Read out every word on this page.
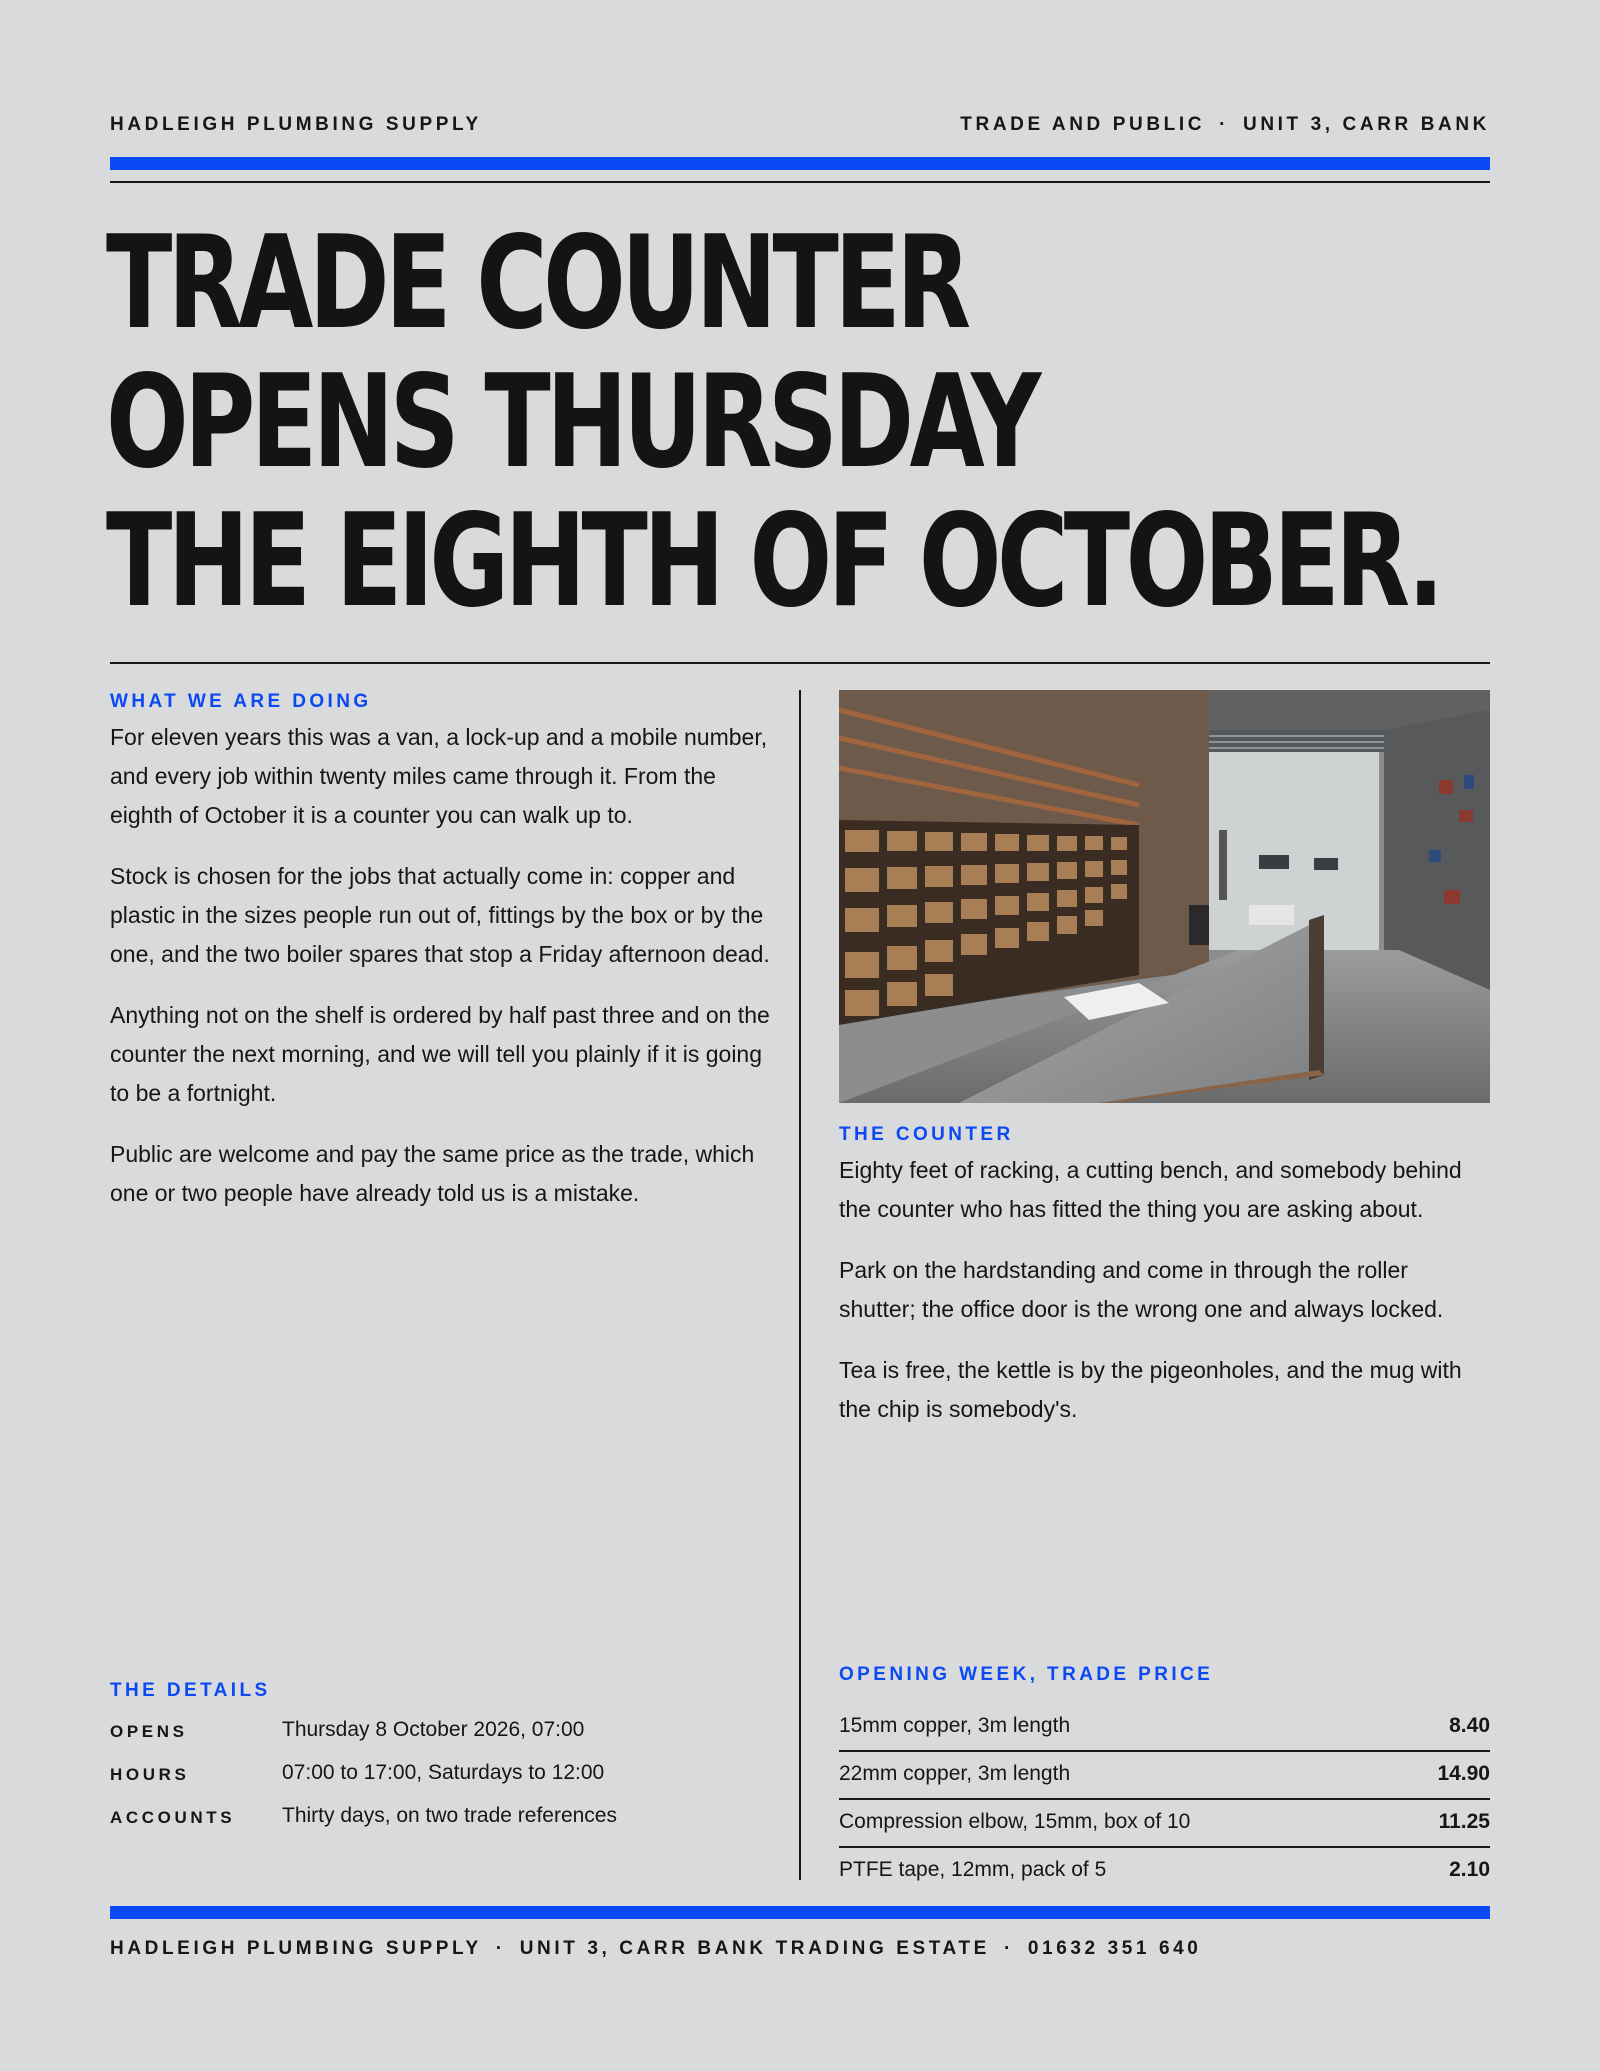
HADLEIGH PLUMBING SUPPLY	TRADE AND PUBLIC · UNIT 3, CARR BANK
TRADE COUNTER
OPENS THURSDAY
THE EIGHTH OF OCTOBER.
WHAT WE ARE DOING

For eleven years this was a van, a lock-up and a mobile number, and every job within twenty miles came through it. From the eighth of October it is a counter you can walk up to.

Stock is chosen for the jobs that actually come in: copper and plastic in the sizes people run out of, fittings by the box or by the one, and the two boiler spares that stop a Friday afternoon dead.

Anything not on the shelf is ordered by half past three and on the counter the next morning, and we will tell you plainly if it is going to be a fortnight.

Public are welcome and pay the same price as the trade, which one or two people have already told us is a mistake.

THE COUNTER

Eighty feet of racking, a cutting bench, and somebody behind the counter who has fitted the thing you are asking about.

Park on the hardstanding and come in through the roller shutter; the office door is the wrong one and always locked.

Tea is free, the kettle is by the pigeonholes, and the mug with the chip is somebody's.

THE DETAILS
OPENS	Thursday 8 October 2026, 07:00
HOURS	07:00 to 17:00, Saturdays to 12:00
ACCOUNTS Thirty days, on two trade references
OPENING WEEK, TRADE PRICE
15mm copper, 3m length	8.40
22mm copper, 3m length	14.90
Compression elbow, 15mm, box of 10	11.25
PTFE tape, 12mm, pack of 5	2.10
HADLEIGH PLUMBING SUPPLY · UNIT 3, CARR BANK TRADING ESTATE · 01632 351 640
